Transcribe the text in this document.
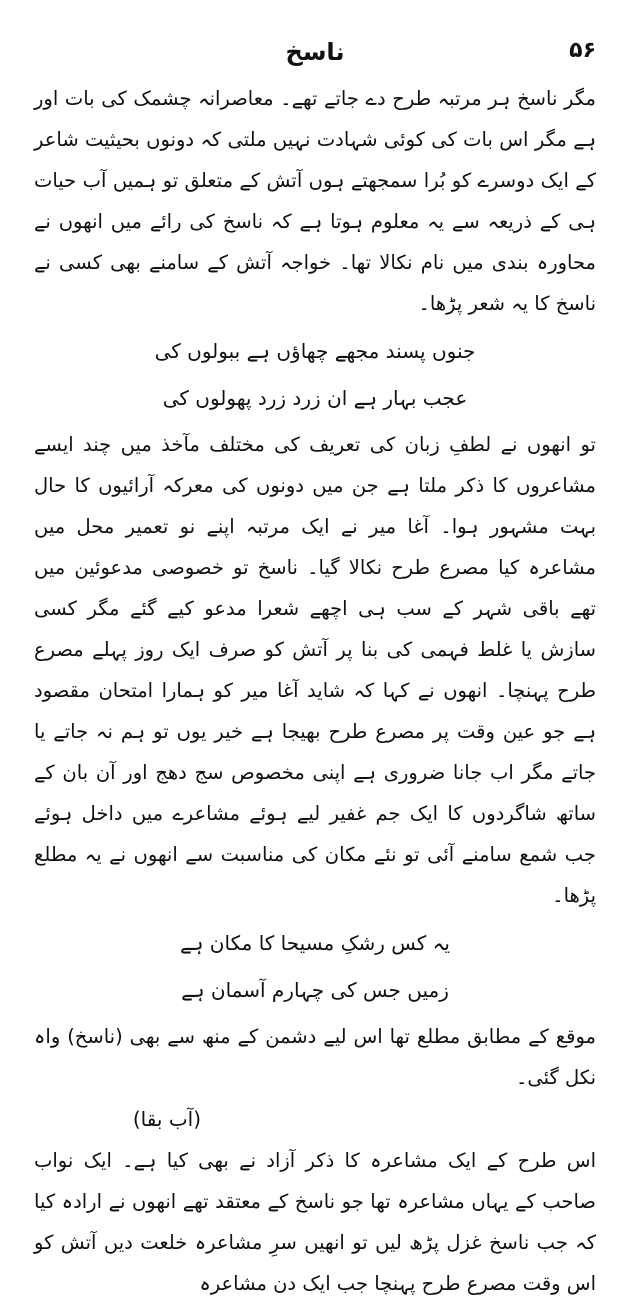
۵۶
ناسخ

مگر ناسخ ہر مرتبہ طرح دے جاتے تھے۔ معاصرانہ چشمک کی بات اور ہے مگر اس بات کی کوئی شہادت نہیں ملتی کہ دونوں بحیثیت شاعر کے ایک دوسرے کو بُرا سمجھتے ہوں آتش کے متعلق تو ہمیں آب حیات ہی کے ذریعہ سے یہ معلوم ہوتا ہے کہ ناسخ کی رائے میں انھوں نے محاورہ بندی میں نام نکالا تھا۔ خواجہ آتش کے سامنے بھی کسی نے ناسخ کا یہ شعر پڑھا۔

جنوں پسند مجھے چھاؤں ہے ببولوں کی

عجب بہار ہے ان زرد زرد پھولوں کی

تو انھوں نے لطفِ زبان کی تعریف کی مختلف مآخذ میں چند ایسے مشاعروں کا ذکر ملتا ہے جن میں دونوں کی معرکہ آرائیوں کا حال بہت مشہور ہوا۔ آغا میر نے ایک مرتبہ اپنے نو تعمیر محل میں مشاعرہ کیا مصرع طرح نکالا گیا۔ ناسخ تو خصوصی مدعوئین میں تھے باقی شہر کے سب ہی اچھے شعرا مدعو کیے گئے مگر کسی سازش یا غلط فہمی کی بنا پر آتش کو صرف ایک روز پہلے مصرع طرح پہنچا۔ انھوں نے کہا کہ شاید آغا میر کو ہمارا امتحان مقصود ہے جو عین وقت پر مصرع طرح بھیجا ہے خیر یوں تو ہم نہ جاتے یا جاتے مگر اب جانا ضروری ہے اپنی مخصوص سج دھج اور آن بان کے ساتھ شاگردوں کا ایک جم غفیر لیے ہوئے مشاعرے میں داخل ہوئے جب شمع سامنے آئی تو نئے مکان کی مناسبت سے انھوں نے یہ مطلع پڑھا۔

یہ کس رشکِ مسیحا کا مکان ہے

زمیں جس کی چہارم آسمان ہے

موقع کے مطابق مطلع تھا اس لیے دشمن کے منھ سے بھی (ناسخ) واہ نکل گئی۔

(آب بقا)

اس طرح کے ایک مشاعرہ کا ذکر آزاد نے بھی کیا ہے۔ ایک نواب صاحب کے یہاں مشاعرہ تھا جو ناسخ کے معتقد تھے انھوں نے ارادہ کیا کہ جب ناسخ غزل پڑھ لیں تو انھیں سرِ مشاعرہ خلعت دیں آتش کو اس وقت مصرع طرح پہنچا جب ایک دن مشاعرہ
